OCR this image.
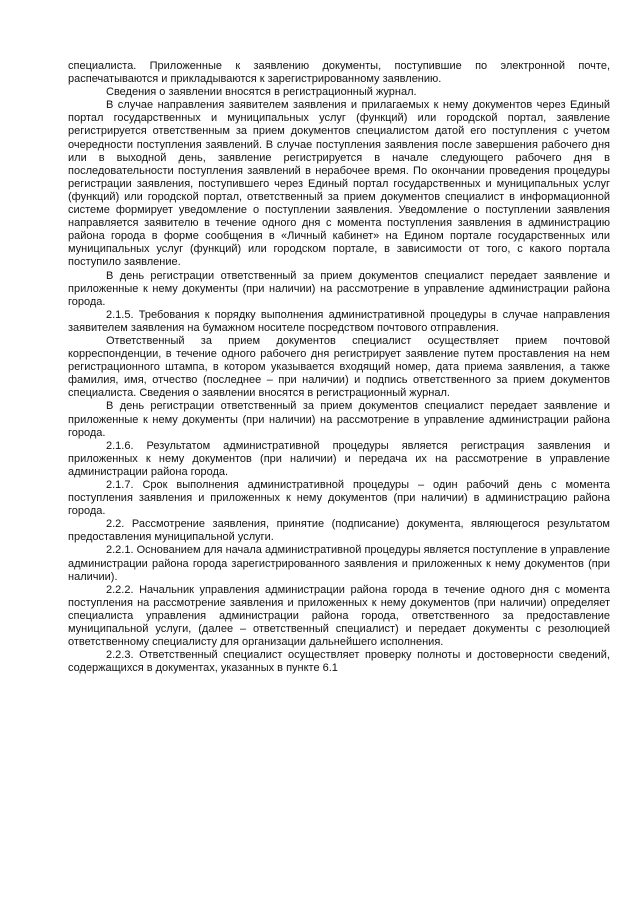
специалиста. Приложенные к заявлению документы, поступившие по электронной почте, распечатываются и прикладываются к зарегистрированному заявлению.

Сведения о заявлении вносятся в регистрационный журнал.

В случае направления заявителем заявления и прилагаемых к нему документов через Единый портал государственных и муниципальных услуг (функций) или городской портал, заявление регистрируется ответственным за прием документов специалистом датой его поступления с учетом очередности поступления заявлений. В случае поступления заявления после завершения рабочего дня или в выходной день, заявление регистрируется в начале следующего рабочего дня в последовательности поступления заявлений в нерабочее время. По окончании проведения процедуры регистрации заявления, поступившего через Единый портал государственных и муниципальных услуг (функций) или городской портал, ответственный за прием документов специалист в информационной системе формирует уведомление о поступлении заявления. Уведомление о поступлении заявления направляется заявителю в течение одного дня с момента поступления заявления в администрацию района города в форме сообщения в «Личный кабинет» на Едином портале государственных или муниципальных услуг (функций) или городском портале, в зависимости от того, с какого портала поступило заявление.

В день регистрации ответственный за прием документов специалист передает заявление и приложенные к нему документы (при наличии) на рассмотрение в управление администрации района города.

2.1.5. Требования к порядку выполнения административной процедуры в случае направления заявителем заявления на бумажном носителе посредством почтового отправления.

Ответственный за прием документов специалист осуществляет прием почтовой корреспонденции, в течение одного рабочего дня регистрирует заявление путем проставления на нем регистрационного штампа, в котором указывается входящий номер, дата приема заявления, а также фамилия, имя, отчество (последнее – при наличии) и подпись ответственного за прием документов специалиста. Сведения о заявлении вносятся в регистрационный журнал.

В день регистрации ответственный за прием документов специалист передает заявление и приложенные к нему документы (при наличии) на рассмотрение в управление администрации района города.

2.1.6. Результатом административной процедуры является регистрация заявления и приложенных к нему документов (при наличии) и передача их на рассмотрение в управление администрации района города.

2.1.7. Срок выполнения административной процедуры – один рабочий день с момента поступления заявления и приложенных к нему документов (при наличии) в администрацию района города.

2.2. Рассмотрение заявления, принятие (подписание) документа, являющегося результатом предоставления муниципальной услуги.

2.2.1. Основанием для начала административной процедуры является поступление в управление администрации района города зарегистрированного заявления и приложенных к нему документов (при наличии).

2.2.2. Начальник управления администрации района города в течение одного дня с момента поступления на рассмотрение заявления и приложенных к нему документов (при наличии) определяет специалиста управления администрации района города, ответственного за предоставление муниципальной услуги, (далее – ответственный специалист) и передает документы с резолюцией ответственному специалисту для организации дальнейшего исполнения.

2.2.3. Ответственный специалист осуществляет проверку полноты и достоверности сведений, содержащихся в документах, указанных в пункте 6.1
